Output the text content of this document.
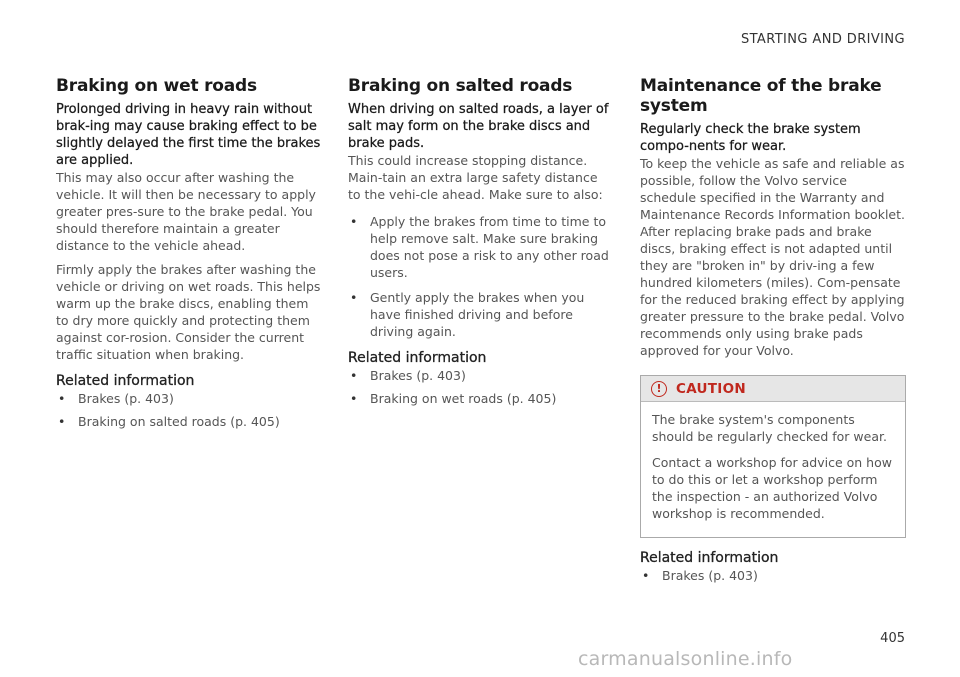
STARTING AND DRIVING
Braking on wet roads

Prolonged driving in heavy rain without brak-ing may cause braking effect to be slightly delayed the first time the brakes are applied.

This may also occur after washing the vehicle. It will then be necessary to apply greater pres-sure to the brake pedal. You should therefore maintain a greater distance to the vehicle ahead.

Firmly apply the brakes after washing the vehicle or driving on wet roads. This helps warm up the brake discs, enabling them to dry more quickly and protecting them against cor-rosion. Consider the current traffic situation when braking.

Related information
• Brakes (p. 403)
• Braking on salted roads (p. 405)
Braking on salted roads

When driving on salted roads, a layer of salt may form on the brake discs and brake pads.

This could increase stopping distance. Main-tain an extra large safety distance to the vehi-cle ahead. Make sure to also:

• Apply the brakes from time to time to help remove salt. Make sure braking does not pose a risk to any other road users.
• Gently apply the brakes when you have finished driving and before driving again.
Related information
• Brakes (p. 403)
• Braking on wet roads (p. 405)
Maintenance of the brake system

Regularly check the brake system compo-nents for wear.

To keep the vehicle as safe and reliable as possible, follow the Volvo service schedule specified in the Warranty and Maintenance Records Information booklet. After replacing brake pads and brake discs, braking effect is not adapted until they are "broken in" by driv-ing a few hundred kilometers (miles). Com-pensate for the reduced braking effect by applying greater pressure to the brake pedal. Volvo recommends only using brake pads approved for your Volvo.

!	CAUTION

The brake system's components should be regularly checked for wear.

Contact a workshop for advice on how to do this or let a workshop perform the inspection - an authorized Volvo workshop is recommended.

Related information
• Brakes (p. 403)
405
carmanualsonline.info
